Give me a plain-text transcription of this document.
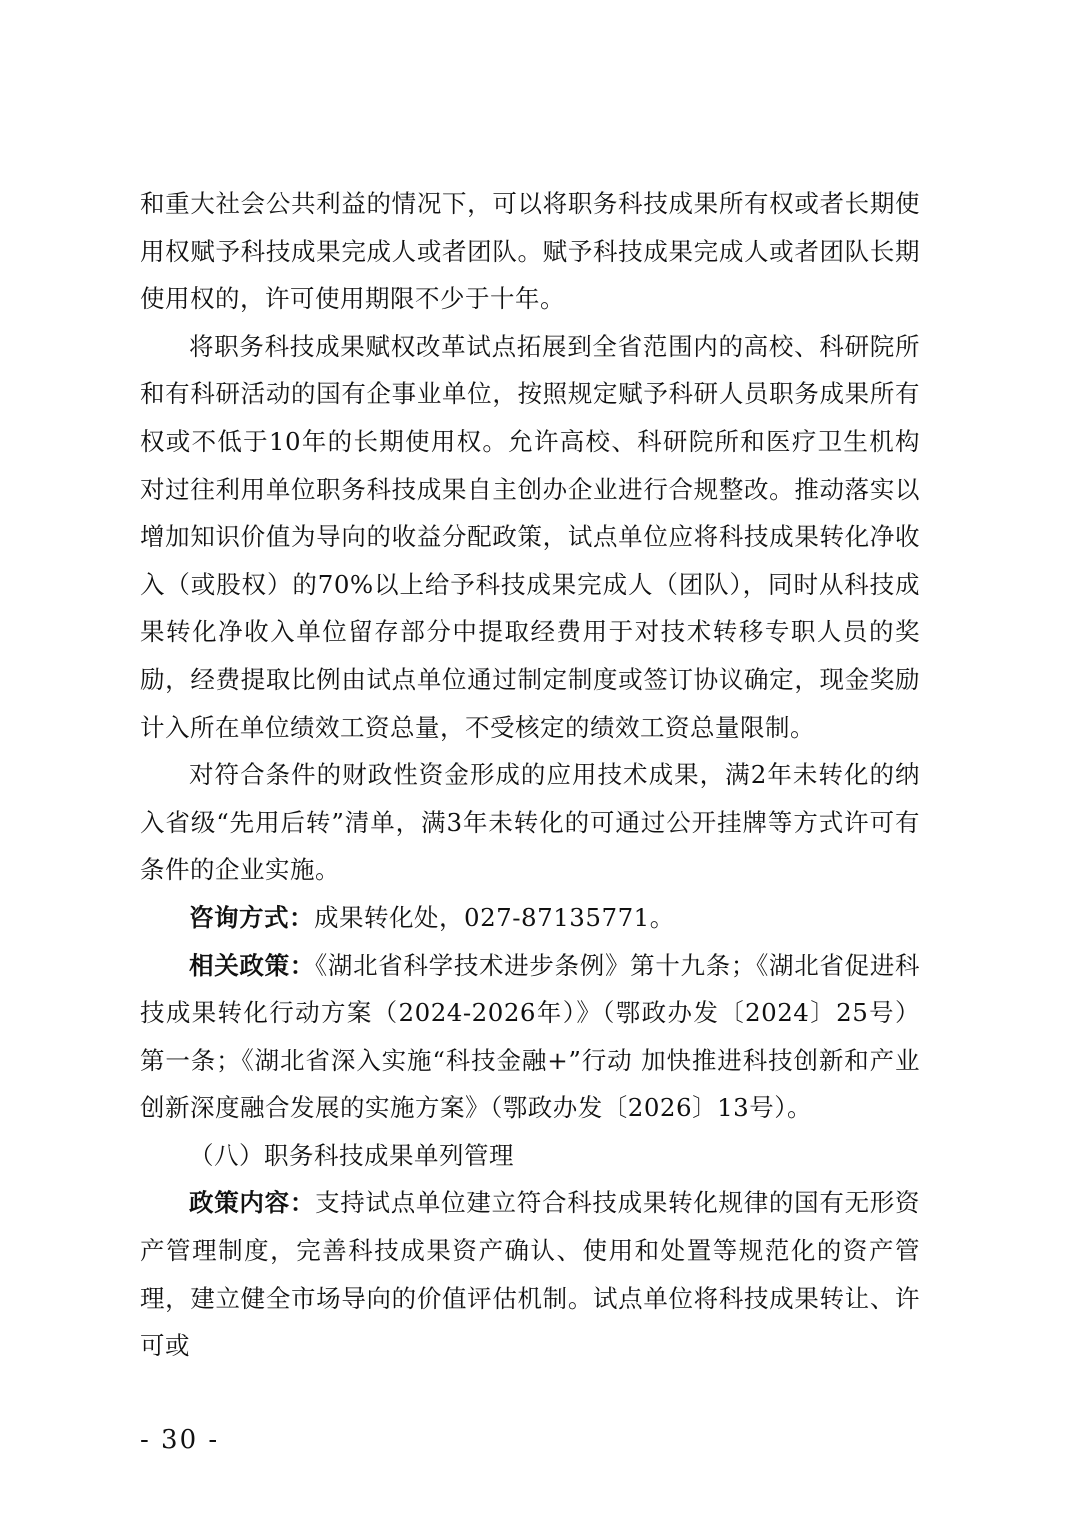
和重大社会公共利益的情况下，可以将职务科技成果所有权或者长期使用权赋予科技成果完成人或者团队。赋予科技成果完成人或者团队长期使用权的，许可使用期限不少于十年。

将职务科技成果赋权改革试点拓展到全省范围内的高校、科研院所和有科研活动的国有企事业单位，按照规定赋予科研人员职务成果所有权或不低于10年的长期使用权。允许高校、科研院所和医疗卫生机构对过往利用单位职务科技成果自主创办企业进行合规整改。推动落实以增加知识价值为导向的收益分配政策，试点单位应将科技成果转化净收入（或股权）的70%以上给予科技成果完成人（团队），同时从科技成果转化净收入单位留存部分中提取经费用于对技术转移专职人员的奖励，经费提取比例由试点单位通过制定制度或签订协议确定，现金奖励计入所在单位绩效工资总量，不受核定的绩效工资总量限制。

对符合条件的财政性资金形成的应用技术成果，满2年未转化的纳入省级“先用后转”清单，满3年未转化的可通过公开挂牌等方式许可有条件的企业实施。

咨询方式：成果转化处，027-87135771。

相关政策：《湖北省科学技术进步条例》第十九条；《湖北省促进科技成果转化行动方案（2024-2026年）》（鄂政办发〔2024〕25号）第一条；《湖北省深入实施“科技金融+”行动 加快推进科技创新和产业创新深度融合发展的实施方案》（鄂政办发〔2026〕13号）。

（八）职务科技成果单列管理

政策内容：支持试点单位建立符合科技成果转化规律的国有无形资产管理制度，完善科技成果资产确认、使用和处置等规范化的资产管理，建立健全市场导向的价值评估机制。试点单位将科技成果转让、许可或

- 30 -
